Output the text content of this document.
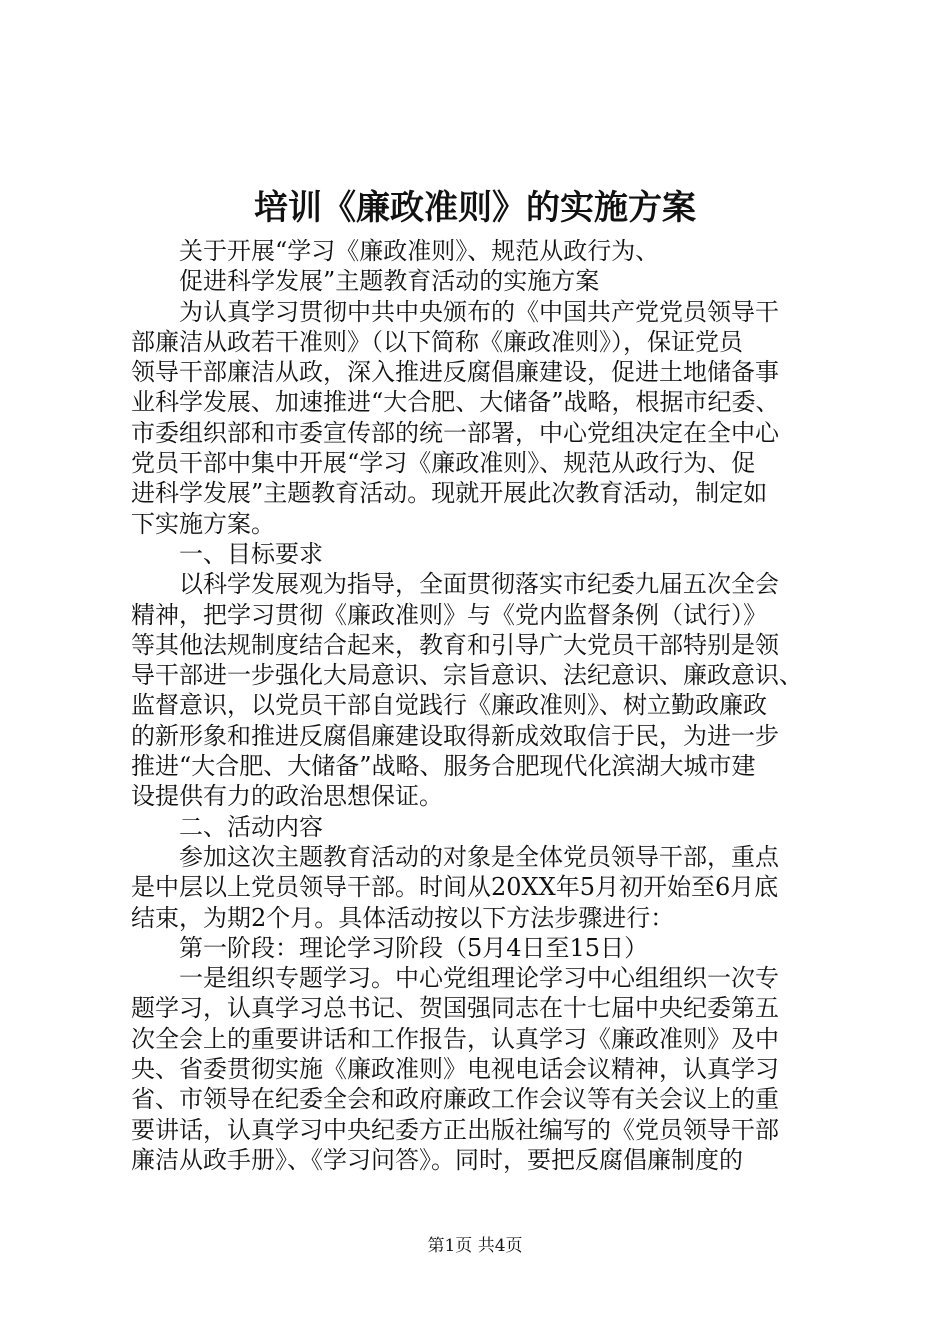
培训《廉政准则》的实施方案
　　关于开展“学习《廉政准则》、规范从政行为、
　　促进科学发展”主题教育活动的实施方案
　　为认真学习贯彻中共中央颁布的《中国共产党党员领导干
部廉洁从政若干准则》（以下简称《廉政准则》），保证党员
领导干部廉洁从政，深入推进反腐倡廉建设，促进土地储备事
业科学发展、加速推进“大合肥、大储备”战略，根据市纪委、
市委组织部和市委宣传部的统一部署，中心党组决定在全中心
党员干部中集中开展“学习《廉政准则》、规范从政行为、促
进科学发展”主题教育活动。现就开展此次教育活动，制定如
下实施方案。
　　一、目标要求
　　以科学发展观为指导，全面贯彻落实市纪委九届五次全会
精神，把学习贯彻《廉政准则》与《党内监督条例（试行）》
等其他法规制度结合起来，教育和引导广大党员干部特别是领
导干部进一步强化大局意识、宗旨意识、法纪意识、廉政意识、
监督意识，以党员干部自觉践行《廉政准则》、树立勤政廉政
的新形象和推进反腐倡廉建设取得新成效取信于民，为进一步
推进“大合肥、大储备”战略、服务合肥现代化滨湖大城市建
设提供有力的政治思想保证。
　　二、活动内容
　　参加这次主题教育活动的对象是全体党员领导干部，重点
是中层以上党员领导干部。时间从20XX年5月初开始至6月底
结束，为期2个月。具体活动按以下方法步骤进行：
　　第一阶段：理论学习阶段（5月4日至15日）
　　一是组织专题学习。中心党组理论学习中心组组织一次专
题学习，认真学习总书记、贺国强同志在十七届中央纪委第五
次全会上的重要讲话和工作报告，认真学习《廉政准则》及中
央、省委贯彻实施《廉政准则》电视电话会议精神，认真学习
省、市领导在纪委全会和政府廉政工作会议等有关会议上的重
要讲话，认真学习中央纪委方正出版社编写的《党员领导干部
廉洁从政手册》、《学习问答》。同时，要把反腐倡廉制度的
第1页 共4页
